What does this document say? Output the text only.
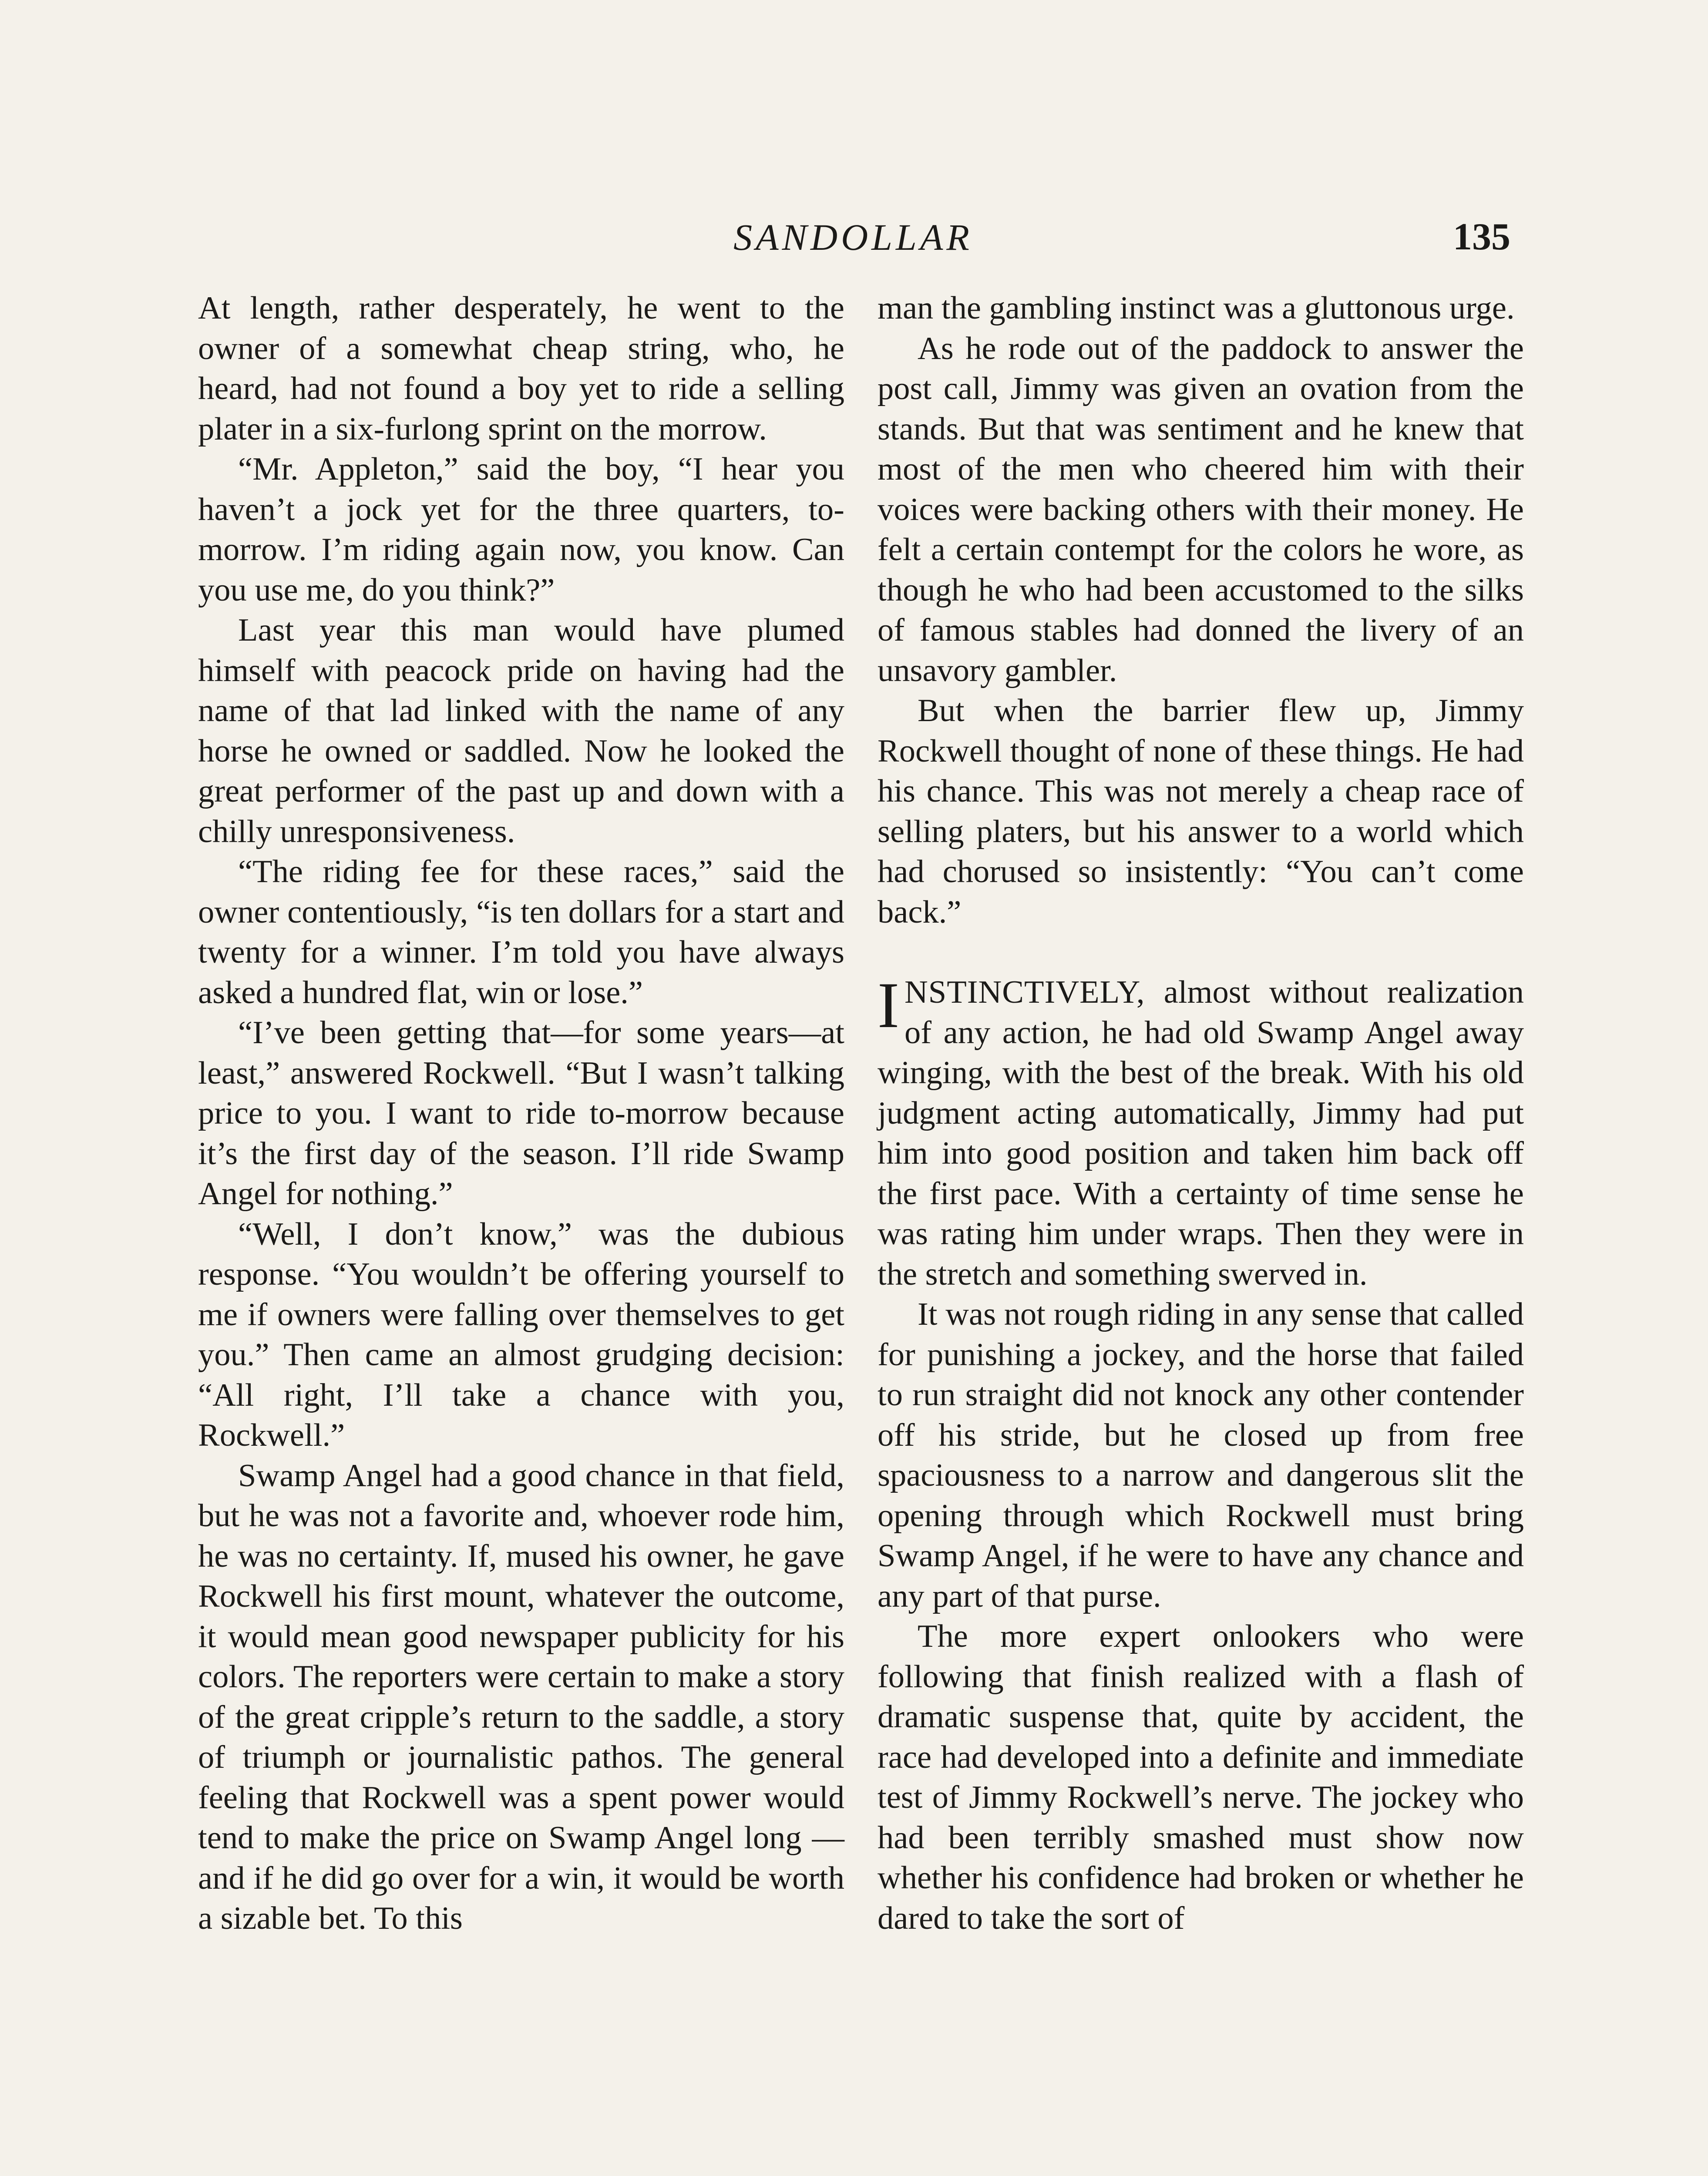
SANDOLLAR	135

At length, rather desperately, he went to the owner of a somewhat cheap string, who, he heard, had not found a boy yet to ride a selling plater in a six-furlong sprint on the morrow.

“Mr. Appleton,” said the boy, “I hear you haven’t a jock yet for the three quarters, to-morrow. I’m riding again now, you know. Can you use me, do you think?”

Last year this man would have plumed himself with peacock pride on having had the name of that lad linked with the name of any horse he owned or saddled. Now he looked the great performer of the past up and down with a chilly unresponsiveness.

“The riding fee for these races,” said the owner contentiously, “is ten dollars for a start and twenty for a winner. I’m told you have always asked a hundred flat, win or lose.”

“I’ve been getting that—for some years—at least,” answered Rockwell. “But I wasn’t talking price to you. I want to ride to-morrow because it’s the first day of the season. I’ll ride Swamp Angel for nothing.”

“Well, I don’t know,” was the dubious response. “You wouldn’t be offering yourself to me if owners were falling over themselves to get you.” Then came an almost grudging decision: “All right, I’ll take a chance with you, Rockwell.”

Swamp Angel had a good chance in that field, but he was not a favorite and, whoever rode him, he was no certainty. If, mused his owner, he gave Rockwell his first mount, whatever the outcome, it would mean good newspaper publicity for his colors. The reporters were certain to make a story of the great cripple’s return to the saddle, a story of triumph or journalistic pathos. The general feeling that Rockwell was a spent power would tend to make the price on Swamp Angel long —and if he did go over for a win, it would be worth a sizable bet. To this

man the gambling instinct was a gluttonous urge.

As he rode out of the paddock to answer the post call, Jimmy was given an ovation from the stands. But that was sentiment and he knew that most of the men who cheered him with their voices were backing others with their money. He felt a certain contempt for the colors he wore, as though he who had been accustomed to the silks of famous stables had donned the livery of an unsavory gambler.

But when the barrier flew up, Jimmy Rockwell thought of none of these things. He had his chance. This was not merely a cheap race of selling platers, but his answer to a world which had chorused so insistently: “You can’t come back.”

INSTINCTIVELY, almost without realization of any action, he had old Swamp Angel away winging, with the best of the break. With his old judgment acting automatically, Jimmy had put him into good position and taken him back off the first pace. With a certainty of time sense he was rating him under wraps. Then they were in the stretch and something swerved in.

It was not rough riding in any sense that called for punishing a jockey, and the horse that failed to run straight did not knock any other contender off his stride, but he closed up from free spaciousness to a narrow and dangerous slit the opening through which Rockwell must bring Swamp Angel, if he were to have any chance and any part of that purse.

The more expert onlookers who were following that finish realized with a flash of dramatic suspense that, quite by accident, the race had developed into a definite and immediate test of Jimmy Rockwell’s nerve. The jockey who had been terribly smashed must show now whether his confidence had broken or whether he dared to take the sort of
